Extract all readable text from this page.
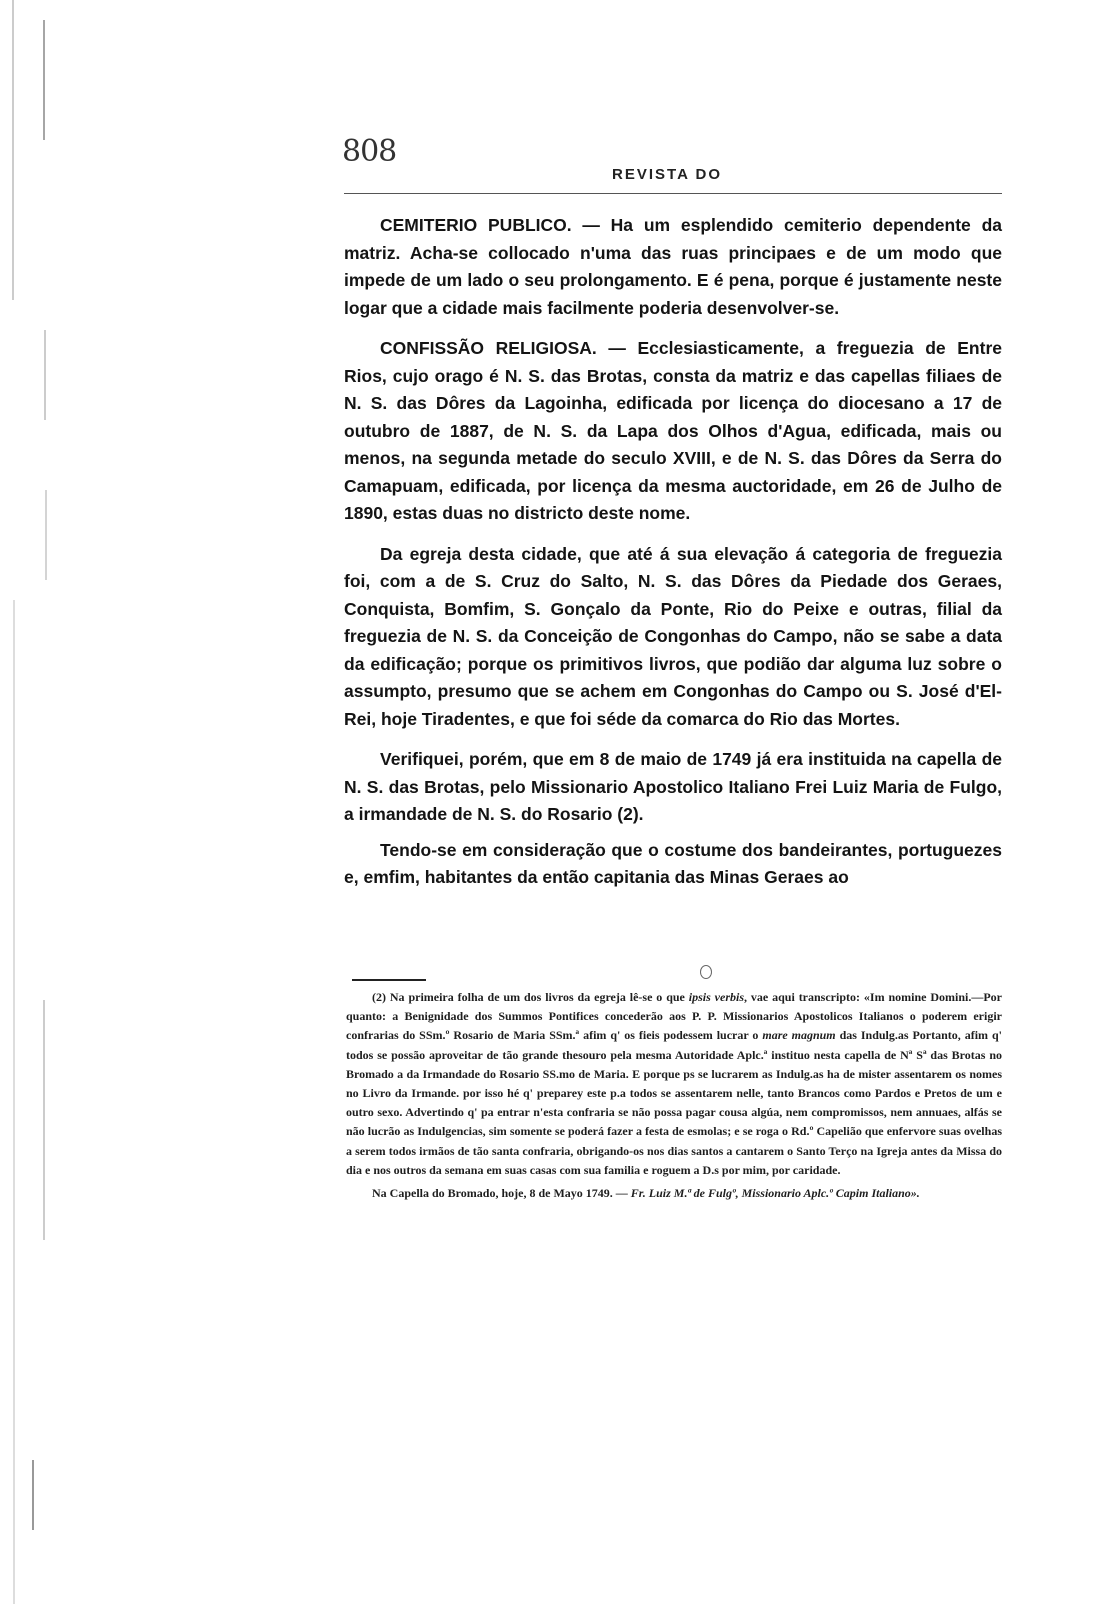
808
REVISTA DO

CEMITERIO PUBLICO. — Ha um esplendido cemiterio dependente da matriz. Acha-se collocado n'uma das ruas principaes e de um modo que impede de um lado o seu prolongamento. E é pena, porque é justamente neste logar que a cidade mais facilmente poderia desenvolver-se.

CONFISSÃO RELIGIOSA. — Ecclesiasticamente, a freguezia de Entre Rios, cujo orago é N. S. das Brotas, consta da matriz e das capellas filiaes de N. S. das Dôres da Lagoinha, edificada por licença do diocesano a 17 de outubro de 1887, de N. S. da Lapa dos Olhos d'Agua, edificada, mais ou menos, na segunda metade do seculo XVIII, e de N. S. das Dôres da Serra do Camapuam, edificada, por licença da mesma auctoridade, em 26 de Julho de 1890, estas duas no districto deste nome.

Da egreja desta cidade, que até á sua elevação á categoria de freguezia foi, com a de S. Cruz do Salto, N. S. das Dôres da Piedade dos Geraes, Conquista, Bomfim, S. Gonçalo da Ponte, Rio do Peixe e outras, filial da freguezia de N. S. da Conceição de Congonhas do Campo, não se sabe a data da edificação; porque os primitivos livros, que podião dar alguma luz sobre o assumpto, presumo que se achem em Congonhas do Campo ou S. José d'El-Rei, hoje Tiradentes, e que foi séde da comarca do Rio das Mortes.

Verifiquei, porém, que em 8 de maio de 1749 já era instituida na capella de N. S. das Brotas, pelo Missionario Apostolico Italiano Frei Luiz Maria de Fulgo, a irmandade de N. S. do Rosario (2).

Tendo-se em consideração que o costume dos bandeirantes, portuguezes e, emfim, habitantes da então capitania das Minas Geraes ao

(2) Na primeira folha de um dos livros da egreja lê-se o que ipsis verbis, vae aqui transcripto: «Im nomine Domini.—Por quanto: a Benignidade dos Summos Pontifices concederão aos P. P. Missionarios Apostolicos Italianos o poderem erigir confrarias do SSm.º Rosario de Maria SSm.ª afim q' os fieis podessem lucrar o mare magnum das Indulg.as Portanto, afim q' todos se possão aproveitar de tão grande thesouro pela mesma Autoridade Aplc.ª instituo nesta capella de Nª Sª das Brotas no Bromado a da Irmandade do Rosario SS.mo de Maria. E porque ps se lucrarem as Indulg.as ha de mister assentarem os nomes no Livro da Irmande. por isso hé q' preparey este p.a todos se assentarem nelle, tanto Brancos como Pardos e Pretos de um e outro sexo. Advertindo q' pa entrar n'esta confraria se não possa pagar cousa algúa, nem compromissos, nem annuaes, alfás se não lucrão as Indulgencias, sim somente se poderá fazer a festa de esmolas; e se roga o Rd.º Capelião que enfervore suas ovelhas a serem todos irmãos de tão santa confraria, obrigando-os nos dias santos a cantarem o Santo Terço na Igreja antes da Missa do dia e nos outros da semana em suas casas com sua familia e roguem a D.s por mim, por caridade.

Na Capella do Bromado, hoje, 8 de Mayo 1749. — Fr. Luiz M.ª de Fulgº, Missionario Aplc.º Capim Italiano».
